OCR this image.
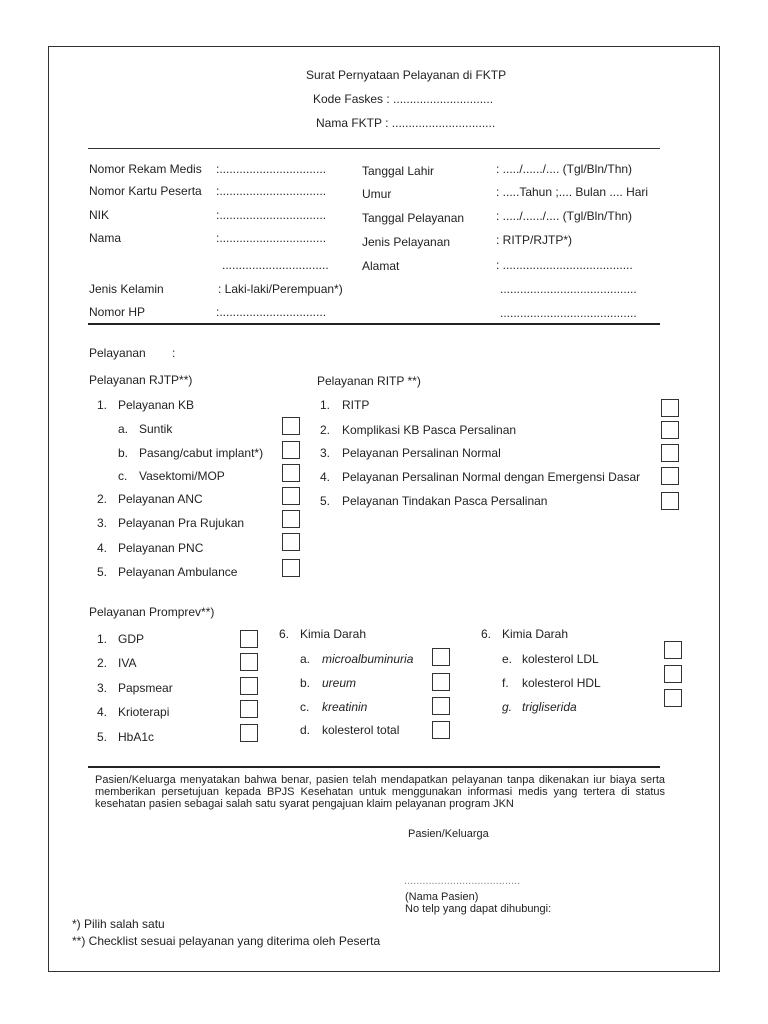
Surat Pernyataan Pelayanan di FKTP
Kode Faskes : ..............................
Nama FKTP : ...............................
Nomor Rekam Medis :................................
Nomor Kartu Peserta :................................
NIK	:................................
Nama	:................................
................................
Jenis Kelamin	: Laki-laki/Perempuan*)
Nomor HP	:................................
Tanggal Lahir	: ...../....../.... (Tgl/Bln/Thn)
Umur	: .....Tahun ;.... Bulan .... Hari
Tanggal Pelayanan	: ...../....../.... (Tgl/Bln/Thn)
Jenis Pelayanan	: RITP/RJTP*)
Alamat	: .......................................
.........................................
.........................................
Pelayanan :
Pelayanan RJTP**)
1. Pelayanan KB
a. Suntik
b. Pasang/cabut implant*)
c. Vasektomi/MOP
2. Pelayanan ANC
3. Pelayanan Pra Rujukan
4. Pelayanan PNC
5. Pelayanan Ambulance
Pelayanan RITP **)
1. RITP
2. Komplikasi KB Pasca Persalinan
3. Pelayanan Persalinan Normal
4. Pelayanan Persalinan Normal dengan Emergensi Dasar
5. Pelayanan Tindakan Pasca Persalinan
Pelayanan Promprev**)
1. GDP
2. IVA
3. Papsmear
4. Krioterapi
5. HbA1c
6. Kimia Darah
a. microalbuminuria
b. ureum
c. kreatinin
d. kolesterol total
6. Kimia Darah
e. kolesterol LDL
f. kolesterol HDL
g. trigliserida
Pasien/Keluarga menyatakan bahwa benar, pasien telah mendapatkan pelayanan tanpa dikenakan iur biaya serta memberikan persetujuan kepada BPJS Kesehatan untuk menggunakan informasi medis yang tertera di status kesehatan pasien sebagai salah satu syarat pengajuan klaim pelayanan program JKN
Pasien/Keluarga
......................................
(Nama Pasien)
No telp yang dapat dihubungi:
*) Pilih salah satu
**) Checklist sesuai pelayanan yang diterima oleh Peserta
